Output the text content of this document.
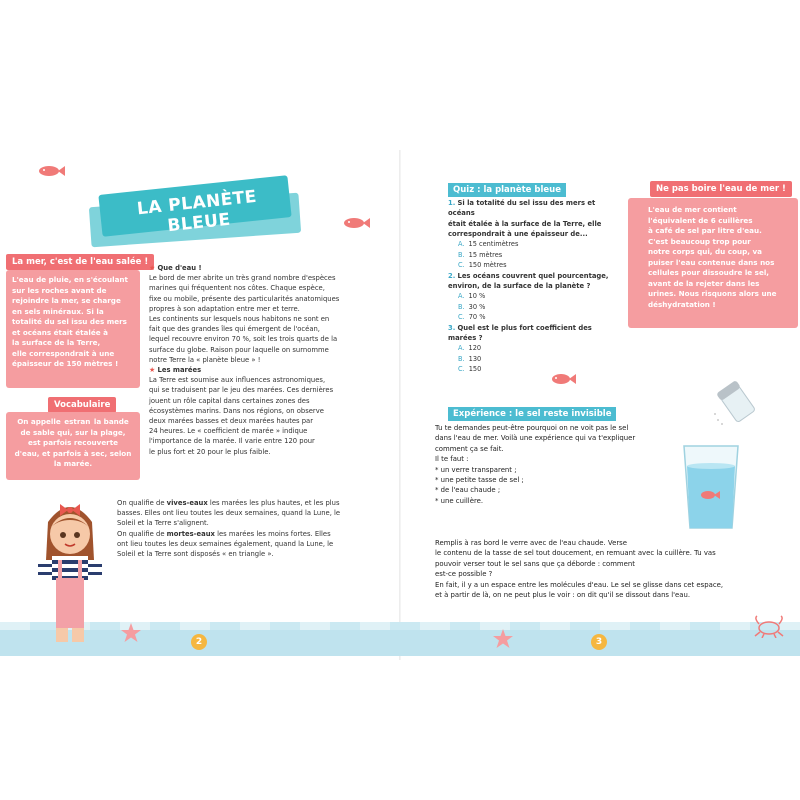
LA PLANÈTE BLEUE
La mer, c'est de l'eau salée !
L'eau de pluie, en s'écoulant
sur les roches avant de
rejoindre la mer, se charge
en sels minéraux. Si la
totalité du sel issu des mers
et océans était étalée à
la surface de la Terre,
elle correspondrait à une
épaisseur de 150 mètres !
Vocabulaire
On appelle estran la bande
de sable qui, sur la plage,
est parfois recouverte
d'eau, et parfois à sec, selon
la marée.
2	3
★ Que d'eau !
Le bord de mer abrite un très grand nombre d'espèces
marines qui fréquentent nos côtes. Chaque espèce,
fixe ou mobile, présente des particularités anatomiques
propres à son adaptation entre mer et terre.
Les continents sur lesquels nous habitons ne sont en
fait que des grandes îles qui émergent de l'océan,
lequel recouvre environ 70 %, soit les trois quarts de la
surface du globe. Raison pour laquelle on surnomme
notre Terre la « planète bleue » !
★ Les marées
La Terre est soumise aux influences astronomiques,
qui se traduisent par le jeu des marées. Ces dernières
jouent un rôle capital dans certaines zones des
écosystèmes marins. Dans nos régions, on observe
deux marées basses et deux marées hautes par
24 heures. Le « coefficient de marée » indique
l'importance de la marée. Il varie entre 120 pour
le plus fort et 20 pour le plus faible.
On qualifie de vives-eaux les marées les plus hautes, et les plus
basses. Elles ont lieu toutes les deux semaines, quand la Lune, le
Soleil et la Terre s'alignent.
On qualifie de mortes-eaux les marées les moins fortes. Elles
ont lieu toutes les deux semaines également, quand la Lune, le
Soleil et la Terre sont disposés « en triangle ».
Quiz : la planète bleue
1. Si la totalité du sel issu des mers et océans
était étalée à la surface de la Terre, elle
correspondrait à une épaisseur de...
A. 15 centimètres
B. 15 mètres
C. 150 mètres
2. Les océans couvrent quel pourcentage,
environ, de la surface de la planète ?
A. 10 %
B. 30 %
C. 70 %
3. Quel est le plus fort coefficient des
marées ?
A. 120
B. 130
C. 150
Ne pas boire l'eau de mer !
L'eau de mer contient
l'équivalent de 6 cuillères
à café de sel par litre d'eau.
C'est beaucoup trop pour
notre corps qui, du coup, va
puiser l'eau contenue dans nos
cellules pour dissoudre le sel,
avant de la rejeter dans les
urines. Nous risquons alors une
déshydratation !
Expérience : le sel reste invisible
Tu te demandes peut-être pourquoi on ne voit pas le sel
dans l'eau de mer. Voilà une expérience qui va t'expliquer
comment ça se fait.
Il te faut :
* un verre transparent ;
* une petite tasse de sel ;
* de l'eau chaude ;
* une cuillère.
Remplis à ras bord le verre avec de l'eau chaude. Verse
le contenu de la tasse de sel tout doucement, en remuant avec la cuillère. Tu vas
pouvoir verser tout le sel sans que ça déborde : comment
est-ce possible ?
En fait, il y a un espace entre les molécules d'eau. Le sel se glisse dans cet espace,
et à partir de là, on ne peut plus le voir : on dit qu'il se dissout dans l'eau.
